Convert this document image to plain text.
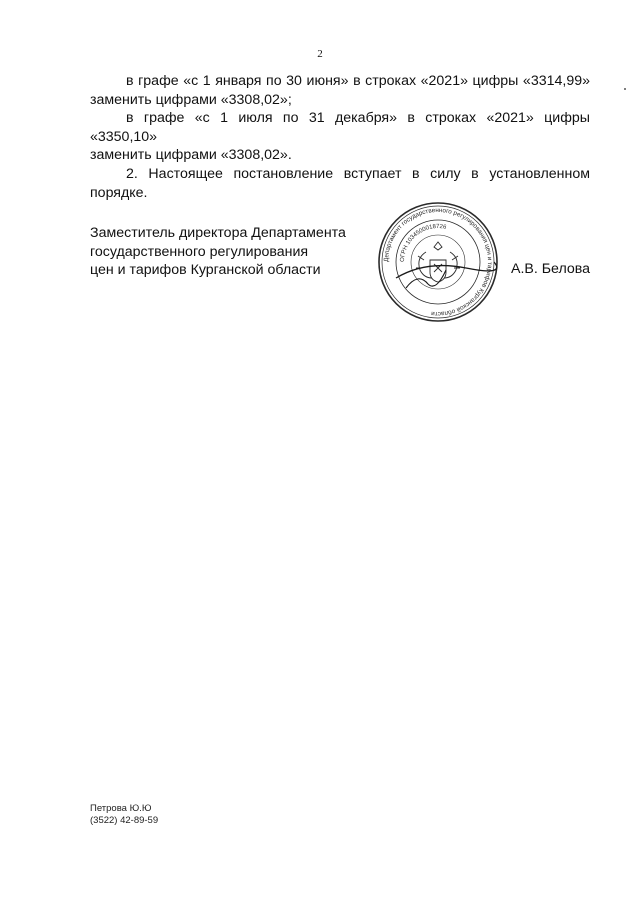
2

в графе «с 1 января по 30 июня» в строках «2021» цифры «3314,99»

заменить цифрами «3308,02»;

в графе «с 1 июля по 31 декабря» в строках «2021» цифры «3350,10»

заменить цифрами «3308,02».

2. Настоящее постановление вступает в силу в установленном

порядке.

Заместитель директора Департамента
государственного регулирования
цен и тарифов Курганской области
Департамент государственного регулирования цен и тарифов Курганской области
ОГРН 1034500018726
А.В. Белова
Петрова Ю.Ю
(3522) 42-89-59
